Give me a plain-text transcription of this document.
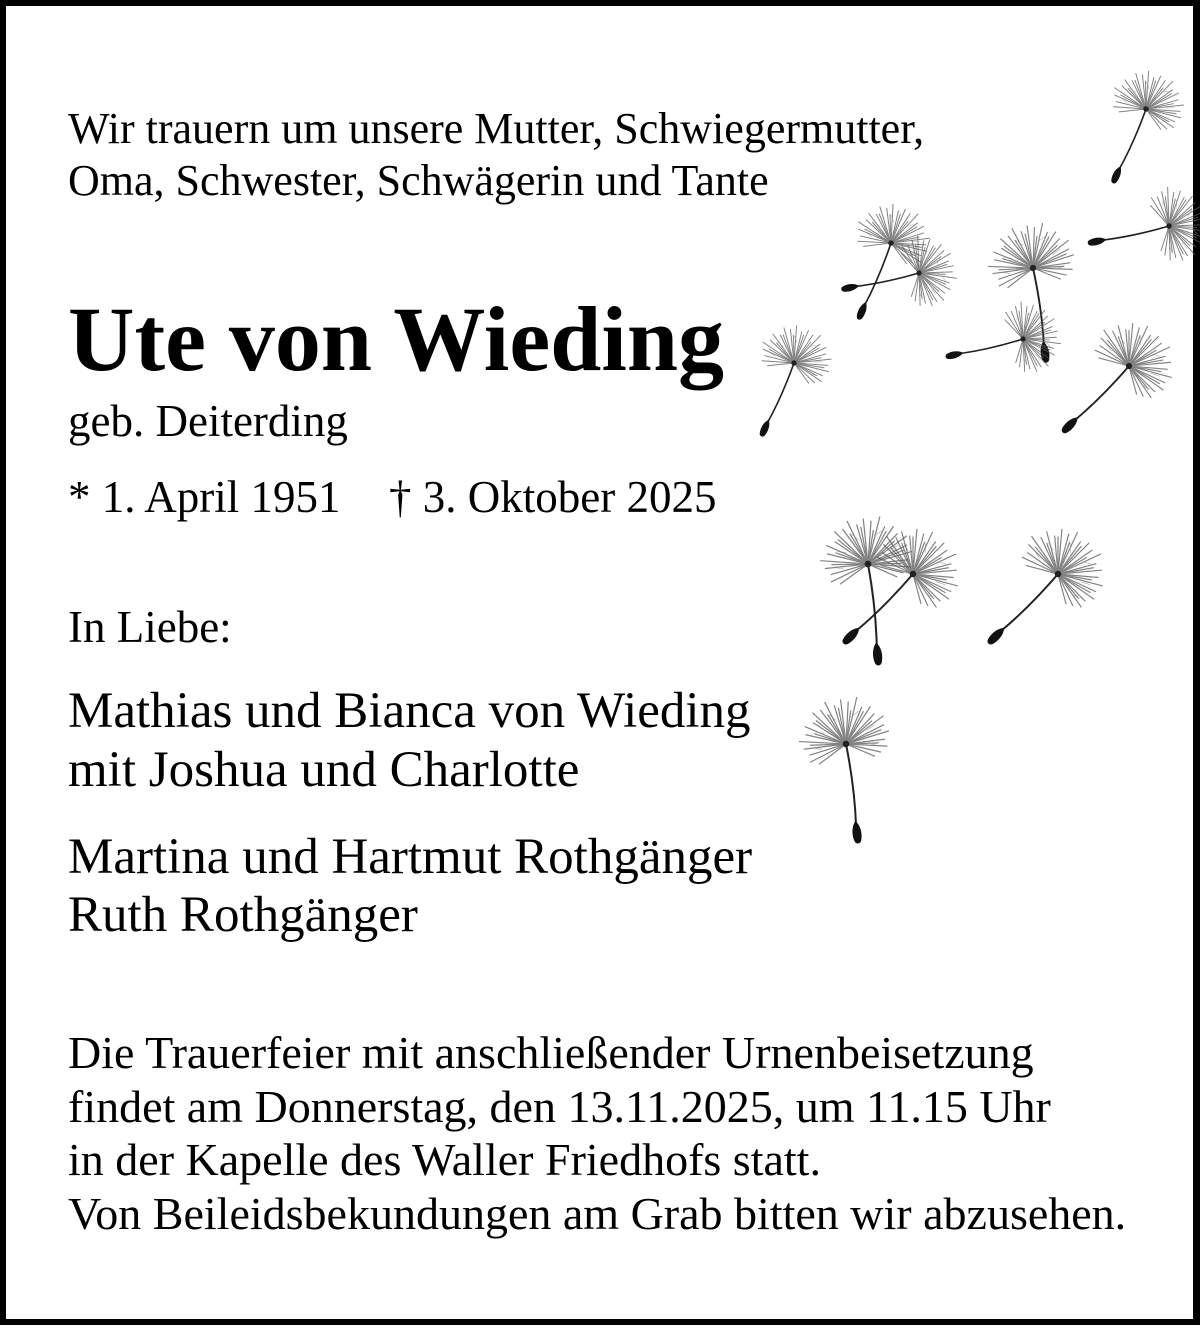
Wir trauern um unsere Mutter, Schwiegermutter,
Oma, Schwester, Schwägerin und Tante
Ute von Wieding
geb. Deiterding
* 1. April 1951 † 3. Oktober 2025
In Liebe:
Mathias und Bianca von Wieding
mit Joshua und Charlotte
Martina und Hartmut Rothgänger
Ruth Rothgänger
Die Trauerfeier mit anschließender Urnenbeisetzung
findet am Donnerstag, den 13.11.2025, um 11.15 Uhr
in der Kapelle des Waller Friedhofs statt.
Von Beileidsbekundungen am Grab bitten wir abzusehen.
